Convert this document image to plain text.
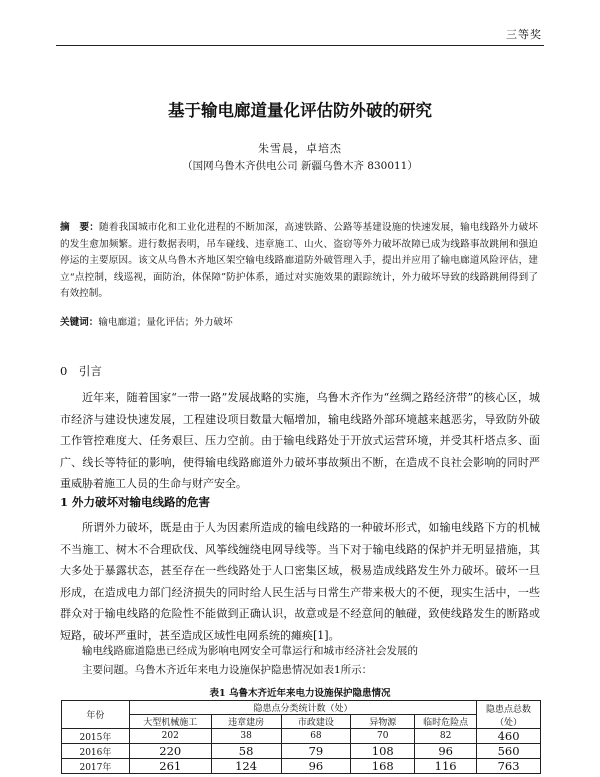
三等奖
基于输电廊道量化评估防外破的研究
朱雪晨，卓培杰
（国网乌鲁木齐供电公司 新疆乌鲁木齐 830011）
摘　要：随着我国城市化和工业化进程的不断加深，高速铁路、公路等基建设施的快速发展，输电线路外力破坏的发生愈加频繁。进行数据表明，吊车碰线、违章施工、山火、盗窃等外力破坏故障已成为线路事故跳闸和强迫停运的主要原因。该文从乌鲁木齐地区架空输电线路廊道防外破管理入手，提出并应用了输电廊道风险评估，建立“点控制，线巡视，面防治，体保障”防护体系，通过对实施效果的跟踪统计，外力破坏导致的线路跳闸得到了有效控制。
关键词：输电廊道；量化评估；外力破坏
0　引言
近年来，随着国家“一带一路”发展战略的实施，乌鲁木齐作为“丝绸之路经济带”的核心区，城市经济与建设快速发展，工程建设项目数量大幅增加，输电线路外部环境越来越恶劣，导致防外破工作管控难度大、任务艰巨、压力空前。由于输电线路处于开放式运营环境，并受其杆塔点多、面广、线长等特征的影响，使得输电线路廊道外力破坏事故频出不断，在造成不良社会影响的同时严重威胁着施工人员的生命与财产安全。
1 外力破坏对输电线路的危害
所谓外力破坏，既是由于人为因素所造成的输电线路的一种破坏形式，如输电线路下方的机械不当施工、树木不合理砍伐、风筝线缠绕电网导线等。当下对于输电线路的保护并无明显措施，其大多处于暴露状态，甚至存在一些线路处于人口密集区域，极易造成线路发生外力破坏。破坏一旦形成，在造成电力部门经济损失的同时给人民生活与日常生产带来极大的不便，现实生活中，一些群众对于输电线路的危险性不能做到正确认识，故意或是不经意间的触碰，致使线路发生的断路或短路，破坏严重时，甚至造成区域性电网系统的瘫痪[1]。
输电线路廊道隐患已经成为影响电网安全可靠运行和城市经济社会发展的
主要问题。乌鲁木齐近年来电力设施保护隐患情况如表1所示：
表1 乌鲁木齐近年来电力设施保护隐患情况
年份	隐患点分类统计数（处）					隐患点总数（处）
	大型机械施工	违章建房	市政建设	异物源	临时危险点	
2015年	202	38	68	70	82	460
2016年	220	58	79	108	96	560
2017年	261	124	96	168	116	763
